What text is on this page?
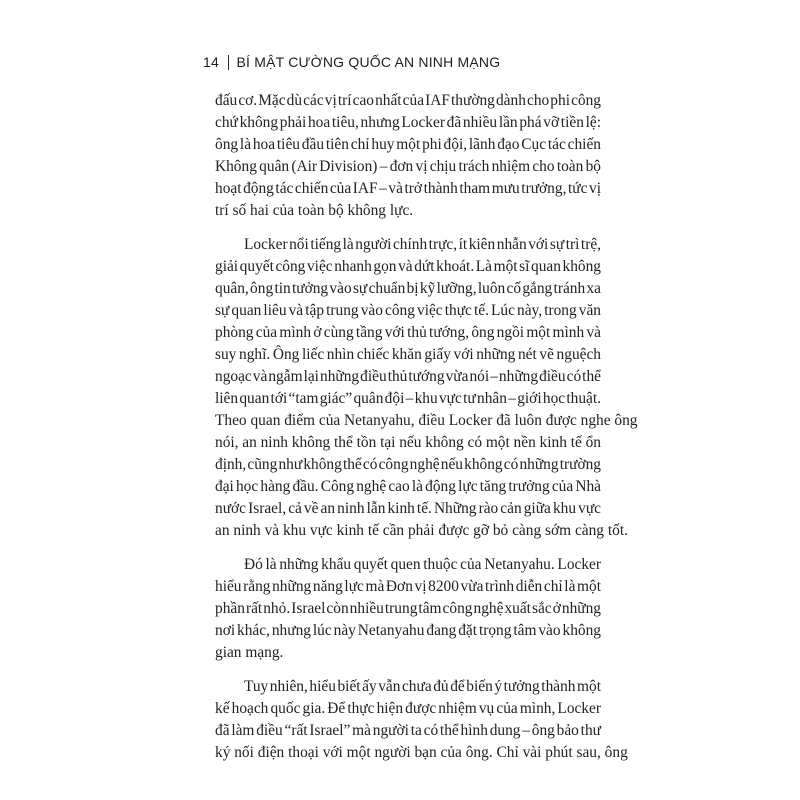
14 BÍ MẬT CƯỜNG QUỐC AN NINH MẠNG
đấu cơ. Mặc dù các vị trí cao nhất của IAF thường dành cho phi công
chứ không phải hoa tiêu, nhưng Locker đã nhiều lần phá vỡ tiền lệ:
ông là hoa tiêu đầu tiên chỉ huy một phi đội, lãnh đạo Cục tác chiến
Không quân (Air Division) – đơn vị chịu trách nhiệm cho toàn bộ
hoạt động tác chiến của IAF – và trở thành tham mưu trưởng, tức vị
trí số hai của toàn bộ không lực.
Locker nổi tiếng là người chính trực, ít kiên nhẫn với sự trì trệ,
giải quyết công việc nhanh gọn và dứt khoát. Là một sĩ quan không
quân, ông tin tưởng vào sự chuẩn bị kỹ lưỡng, luôn cố gắng tránh xa
sự quan liêu và tập trung vào công việc thực tế. Lúc này, trong văn
phòng của mình ở cùng tầng với thủ tướng, ông ngồi một mình và
suy nghĩ. Ông liếc nhìn chiếc khăn giấy với những nét vẽ nguệch
ngoạc và ngẫm lại những điều thủ tướng vừa nói – những điều có thể
liên quan tới “tam giác” quân đội – khu vực tư nhân – giới học thuật.
Theo quan điểm của Netanyahu, điều Locker đã luôn được nghe ông
nói, an ninh không thể tồn tại nếu không có một nền kinh tế ổn
định, cũng như không thể có công nghệ nếu không có những trường
đại học hàng đầu. Công nghệ cao là động lực tăng trưởng của Nhà
nước Israel, cả về an ninh lẫn kinh tế. Những rào cản giữa khu vực
an ninh và khu vực kinh tế cần phải được gỡ bỏ càng sớm càng tốt.
Đó là những khẩu quyết quen thuộc của Netanyahu. Locker
hiểu rằng những năng lực mà Đơn vị 8200 vừa trình diễn chỉ là một
phần rất nhỏ. Israel còn nhiều trung tâm công nghệ xuất sắc ở những
nơi khác, nhưng lúc này Netanyahu đang đặt trọng tâm vào không
gian mạng.
Tuy nhiên, hiểu biết ấy vẫn chưa đủ để biến ý tưởng thành một
kế hoạch quốc gia. Để thực hiện được nhiệm vụ của mình, Locker
đã làm điều “rất Israel” mà người ta có thể hình dung – ông bảo thư
ký nối điện thoại với một người bạn của ông. Chỉ vài phút sau, ông
